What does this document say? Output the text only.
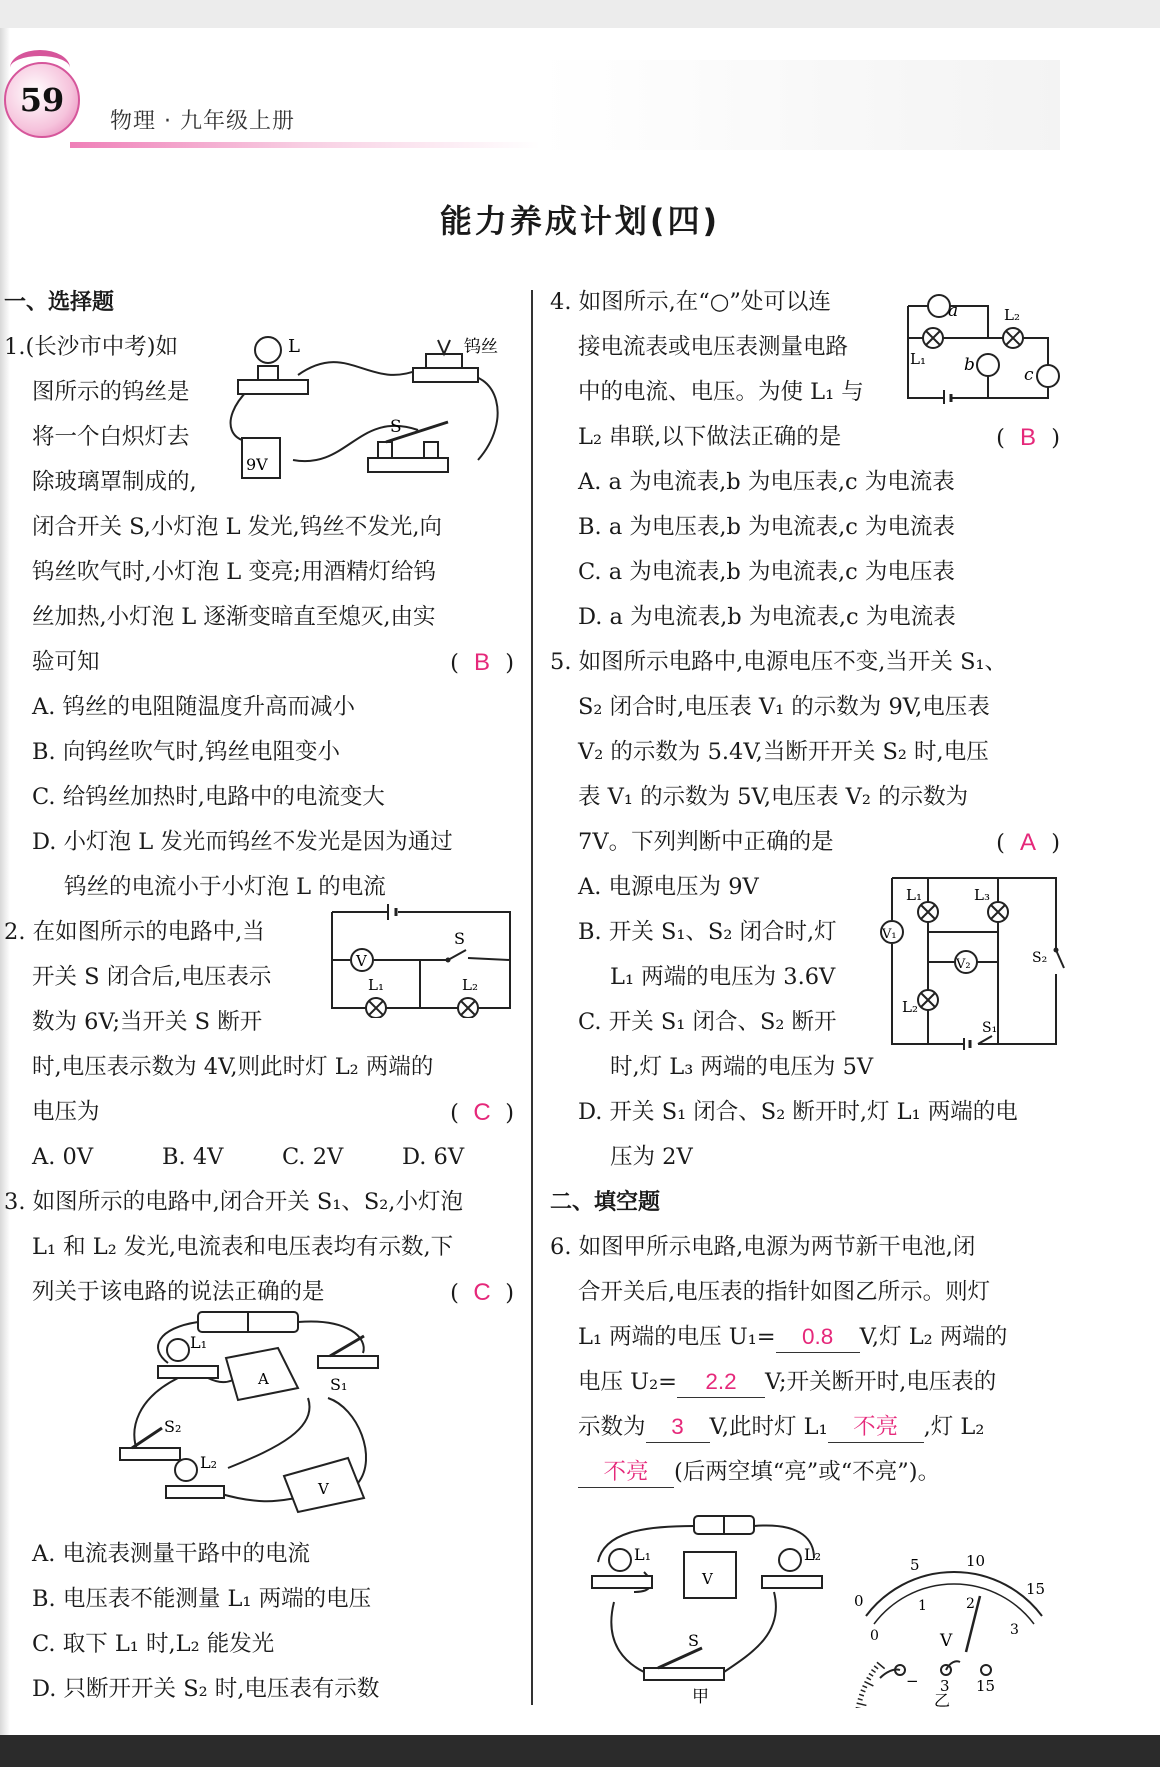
59
物理 · 九年级上册
能力养成计划(四)

一、选择题

1.(长沙市中考)如

图所示的钨丝是

将一个白炽灯去

除玻璃罩制成的,

闭合开关 S,小灯泡 L 发光,钨丝不发光,向

钨丝吹气时,小灯泡 L 变亮;用酒精灯给钨

丝加热,小灯泡 L 逐渐变暗直至熄灭,由实

验可知	( B )

A. 钨丝的电阻随温度升高而减小

B. 向钨丝吹气时,钨丝电阻变小

C. 给钨丝加热时,电路中的电流变大

D. 小灯泡 L 发光而钨丝不发光是因为通过

钨丝的电流小于小灯泡 L 的电流

2. 在如图所示的电路中,当

开关 S 闭合后,电压表示

数为 6V;当开关 S 断开

时,电压表示数为 4V,则此时灯 L₂ 两端的

电压为	( C )

A. 0V	B. 4V	C. 2V	D. 6V

3. 如图所示的电路中,闭合开关 S₁、S₂,小灯泡

L₁ 和 L₂ 发光,电流表和电压表均有示数,下

列关于该电路的说法正确的是	( C )

A. 电流表测量干路中的电流

B. 电压表不能测量 L₁ 两端的电压

C. 取下 L₁ 时,L₂ 能发光

D. 只断开开关 S₂ 时,电压表有示数

4. 如图所示,在“○”处可以连

接电流表或电压表测量电路

中的电流、电压。为使 L₁ 与

L₂ 串联,以下做法正确的是	( B )

A. a 为电流表,b 为电压表,c 为电流表

B. a 为电压表,b 为电流表,c 为电流表

C. a 为电流表,b 为电流表,c 为电压表

D. a 为电流表,b 为电流表,c 为电流表

5. 如图所示电路中,电源电压不变,当开关 S₁、

S₂ 闭合时,电压表 V₁ 的示数为 9V,电压表

V₂ 的示数为 5.4V,当断开开关 S₂ 时,电压

表 V₁ 的示数为 5V,电压表 V₂ 的示数为

7V。下列判断中正确的是	( A )

A. 电源电压为 9V

B. 开关 S₁、S₂ 闭合时,灯

L₁ 两端的电压为 3.6V

C. 开关 S₁ 闭合、S₂ 断开

时,灯 L₃ 两端的电压为 5V

D. 开关 S₁ 闭合、S₂ 断开时,灯 L₁ 两端的电

压为 2V

二、填空题

6. 如图甲所示电路,电源为两节新干电池,闭

合开关后,电压表的指针如图乙所示。则灯

L₁ 两端的电压 U₁= 0.8 V,灯 L₂ 两端的

电压 U₂= 2.2 V;开关断开时,电压表的

示数为 3 V,此时灯 L₁ 不亮 ,灯 L₂

不亮 (后两空填“亮”或“不亮”)。

L	钨丝
9V
S
V
S
L₁	L₂
L₁
A	S₁
S₂
L₂
V
a
L₁
L₂
b	c
V₁
L₁	L₃
V₂
L₂
S₁
S₂
L₁
V
L₂
S
甲
0
5	10
15
0
1	2
3
V
− 3 15
乙
